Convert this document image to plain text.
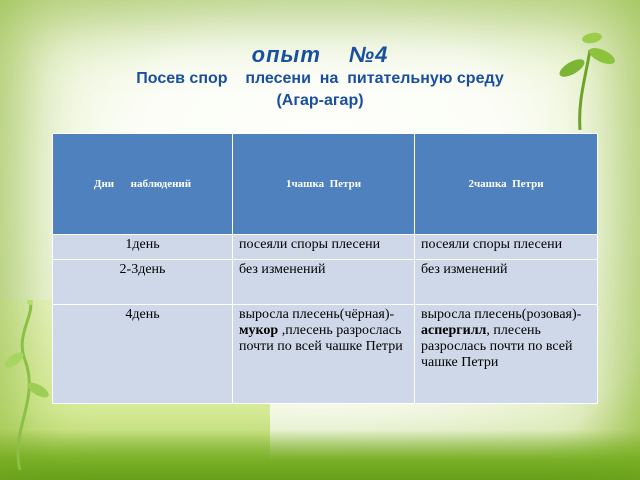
опыт №4
Посев спор    плесени  на  питательную среду
(Агар-агар)
Дни      наблюдений	1чашка  Петри	2чашка  Петри

1день	посеяли споры плесени	посеяли споры плесени
2-3день	без изменений	без изменений
4день	выросла плесень(чёрная)-мукор ,плесень разрослась почти по всей чашке Петри	выросла плесень(розовая)-аспергилл, плесень разрослась почти по всей чашке Петри
